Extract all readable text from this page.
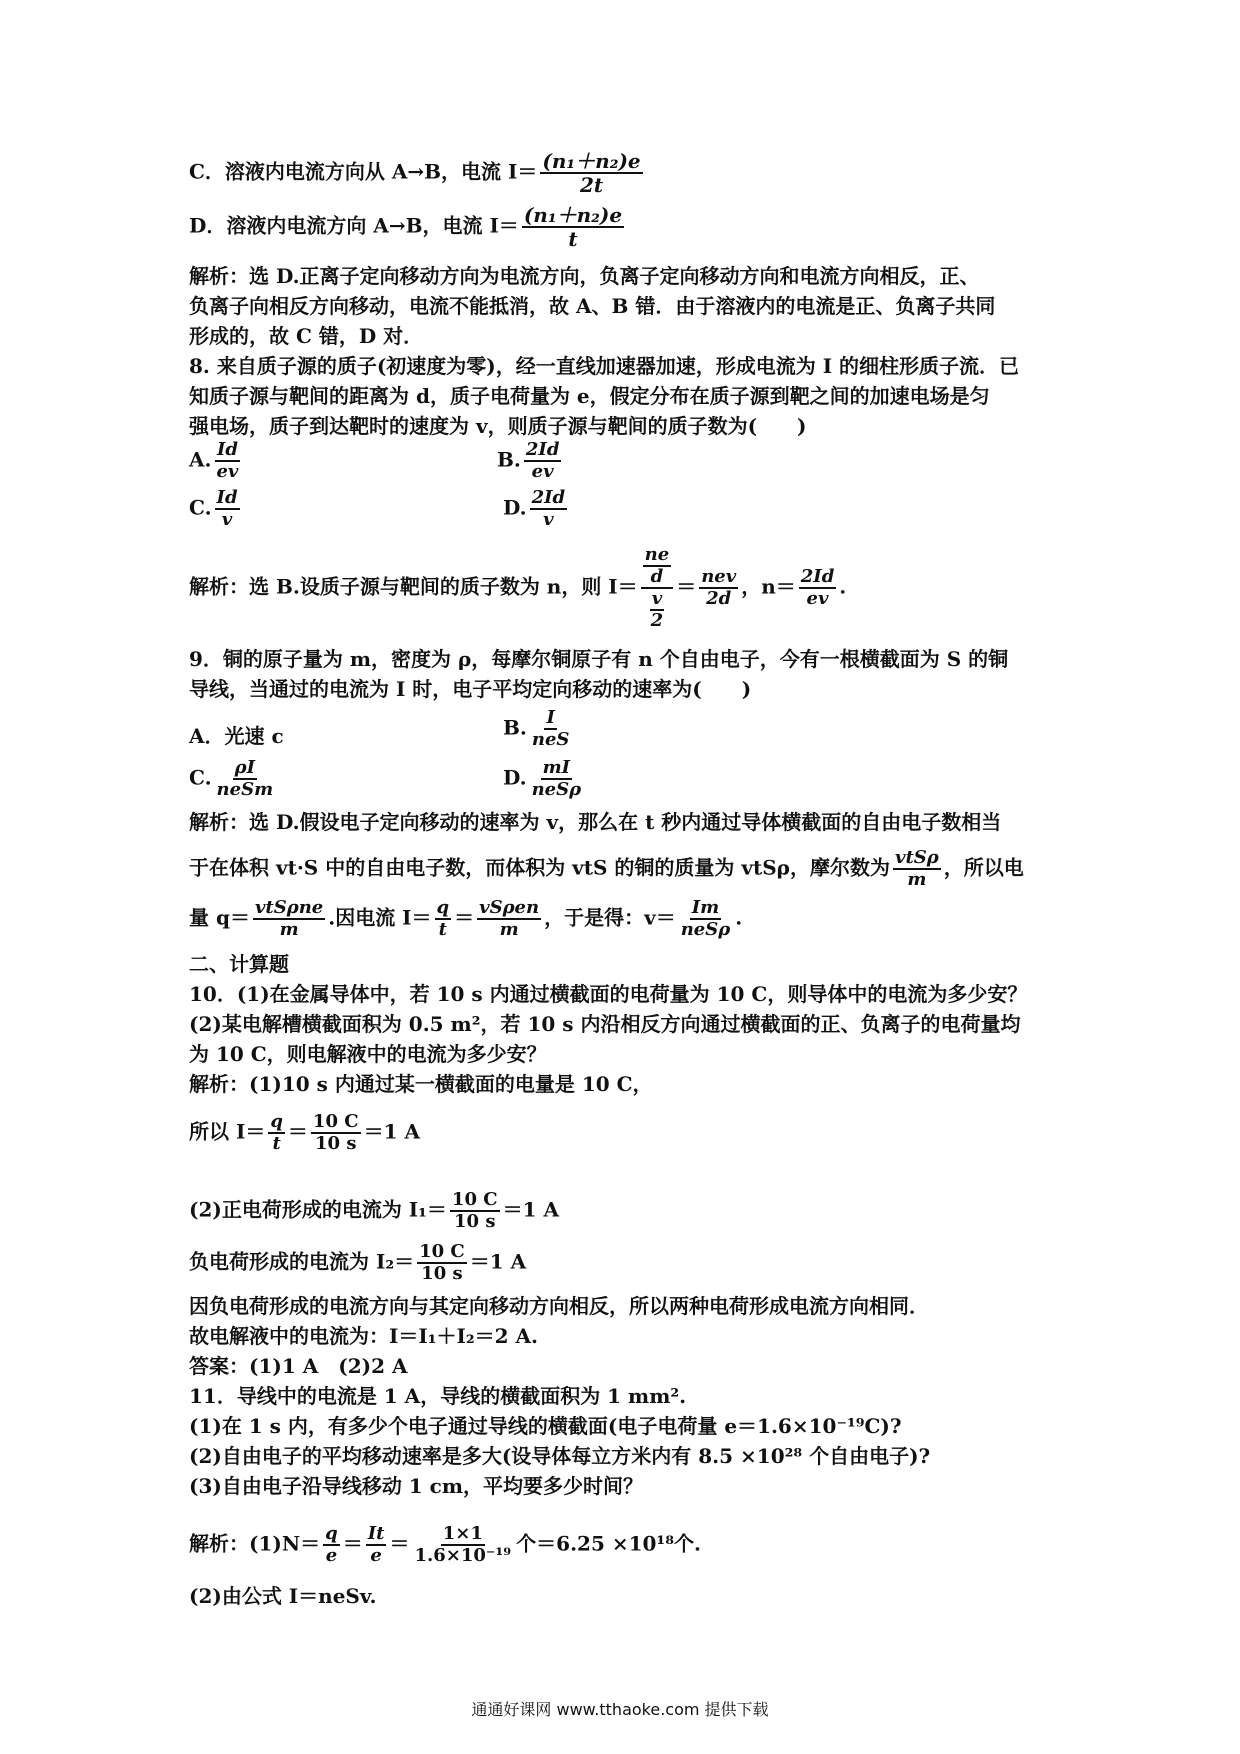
C．溶液内电流方向从 A→B，电流 $I= \frac{\text{(n₁＋n₂)e}}{2t}$
D．溶液内电流方向 A→B，电流 $I= \frac{\text{(n₁＋n₂)e}}{t}$
解析：选 D.正离子定向移动方向为电流方向，负离子定向移动方向和电流方向相反，正、
负离子向相反方向移动，电流不能抵消，故 A、B 错．由于溶液内的电流是正、负离子共同
形成的，故 C 错，D 对．
8. 来自质子源的质子(初速度为零)，经一直线加速器加速，形成电流为 I 的细柱形质子流．已
知质子源与靶间的距离为 d，质子电荷量为 e，假定分布在质子源到靶之间的加速电场是匀
强电场，质子到达靶时的速度为 v，则质子源与靶间的质子数为(　　)
A. $\frac{Id}{ev}$	B. $\frac{2Id}{ev}$
C. $\frac{Id}{v}$	D. $\frac{2Id}{v}$
解析：选 B.设质子源与靶间的质子数为 n，则 $I= \frac{\frac{ne}{d}}{\frac{v}{2}} = \frac{\text{nev}}{2d}$ ，$n= \frac{2Id}{ev}$ .
9．铜的原子量为 m，密度为 ρ，每摩尔铜原子有 n 个自由电子，今有一根横截面为 S 的铜
导线，当通过的电流为 I 时，电子平均定向移动的速率为(　　)
A．光速 c	B. $\frac{I}{\text{neS}}$
C. $\frac{\rho I}{\text{neSm}}$	D. $\frac{mI}{\text{neSρ}}$
解析：选 D.假设电子定向移动的速率为 v，那么在 t 秒内通过导体横截面的自由电子数相当
于在体积 vt·S 中的自由电子数，而体积为 vtS 的铜的质量为 vtSρ，摩尔数为 $\frac{\text{vtSρ}}{m}$ ，所以电
量 $q= \frac{\text{vtSρne}}{m}$ .因电流 $I= \frac{q}{t} = \frac{\text{vSρen}}{m}$ ，于是得：$v= \frac{Im}{\text{neSρ}}$ .
二、计算题
10．(1)在金属导体中，若 10 s 内通过横截面的电荷量为 10 C，则导体中的电流为多少安？
(2)某电解槽横截面积为 0.5 m²，若 10 s 内沿相反方向通过横截面的正、负离子的电荷量均
为 10 C，则电解液中的电流为多少安？
解析：(1)10 s 内通过某一横截面的电量是 10 C，
所以 $I= \frac{q}{t} = \frac{10 C}{10 s} =1$ A
(2)正电荷形成的电流为 $I_1= \frac{10 C}{10 s} =1$ A
负电荷形成的电流为 $I_2= \frac{10 C}{10 s} =1$ A
因负电荷形成的电流方向与其定向移动方向相反，所以两种电荷形成电流方向相同．
故电解液中的电流为：I＝I₁＋I₂＝2 A.
答案：(1)1 A　(2)2 A
11．导线中的电流是 1 A，导线的横截面积为 1 mm².
(1)在 1 s 内，有多少个电子通过导线的横截面(电子电荷量 e＝1.6×10⁻¹⁹C)?
(2)自由电子的平均移动速率是多大(设导体每立方米内有 8.5 ×10²⁸ 个自由电子)?
(3)自由电子沿导线移动 1 cm，平均要多少时间？
解析：$(1)N= \frac{q}{e} = \frac{It}{e} = \frac{1\times 1}{\text{1.6×10⁻¹⁹}}$ 个＝6.25 ×10¹⁸个.
(2)由公式 I＝neSv.
通通好课网 www.tthaoke.com 提供下载
